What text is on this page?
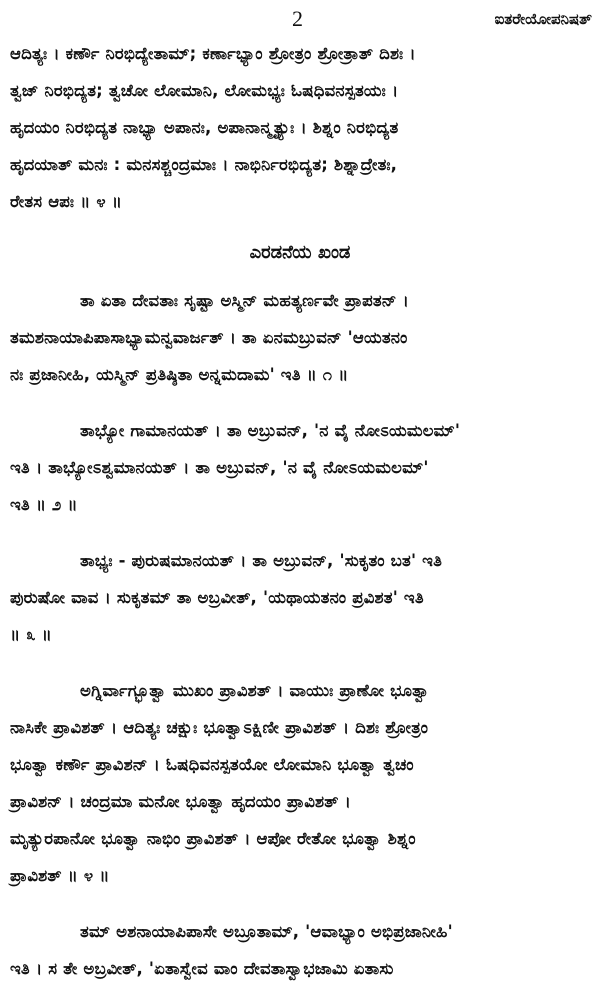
2	ಐತರೇಯೋಪನಿಷತ್
ಆದಿತ್ಯಃ । ಕರ್ಣೌ ನಿರಭಿದ್ಯೇತಾಮ್; ಕರ್ಣಾಭ್ಯಾಂ ಶ್ರೋತ್ರಂ ಶ್ರೋತ್ರಾತ್ ದಿಶಃ ।
ತ್ವಜ್ ನಿರಭಿದ್ಯತ; ತ್ವಚೋ ಲೋಮಾನಿ, ಲೋಮಭ್ಯಃ ಓಷಧಿವನಸ್ಪತಯಃ ।
ಹೃದಯಂ ನಿರಭಿದ್ಯತ ನಾಭ್ಯಾ ಅಪಾನಃ, ಅಪಾನಾನ್ಮೃತ್ಯುಃ । ಶಿಶ್ನಂ ನಿರಭಿದ್ಯತ
ಹೃದಯಾತ್ ಮನಃ : ಮನಸಶ್ಚಂದ್ರಮಾಃ । ನಾಭಿರ್ನಿರಭಿದ್ಯತ; ಶಿಶ್ನಾದ್ರೇತಃ,
ರೇತಸ ಆಪಃ ॥ ೪ ॥
ಎರಡನೆಯ ಖಂಡ
ತಾ ಏತಾ ದೇವತಾಃ ಸೃಷ್ಟಾ ಅಸ್ಮಿನ್ ಮಹತ್ಯರ್ಣವೇ ಪ್ರಾಪತನ್ ।
ತಮಶನಾಯಾಪಿಪಾಸಾಭ್ಯಾಮನ್ವವಾರ್ಜತ್ । ತಾ ಏನಮಬ್ರುವನ್ 'ಆಯತನಂ
ನಃ ಪ್ರಜಾನೀಹಿ, ಯಸ್ಮಿನ್ ಪ್ರತಿಷ್ಠಿತಾ ಅನ್ನಮದಾಮ' ಇತಿ ॥ ೧ ॥
ತಾಭ್ಯೋ ಗಾಮಾನಯತ್ । ತಾ ಅಬ್ರುವನ್, 'ನ ವೈ ನೋಽಯಮಲಮ್'
ಇತಿ । ತಾಭ್ಯೋಽಶ್ವಮಾನಯತ್ । ತಾ ಅಬ್ರುವನ್, 'ನ ವೈ ನೋಽಯಮಲಮ್'
ಇತಿ ॥ ೨ ॥
ತಾಭ್ಯಃ - ಪುರುಷಮಾನಯತ್ । ತಾ ಅಬ್ರುವನ್, 'ಸುಕೃತಂ ಬತ' ಇತಿ
ಪುರುಷೋ ವಾವ । ಸುಕೃತಮ್ ತಾ ಅಬ್ರವೀತ್, 'ಯಥಾಯತನಂ ಪ್ರವಿಶತ' ಇತಿ
॥ ೩ ॥
ಅಗ್ನಿರ್ವಾಗ್ಭೂತ್ವಾ ಮುಖಂ ಪ್ರಾವಿಶತ್ । ವಾಯುಃ ಪ್ರಾಣೋ ಭೂತ್ವಾ
ನಾಸಿಕೇ ಪ್ರಾವಿಶತ್ । ಆದಿತ್ಯಃ ಚಕ್ಷುಃ ಭೂತ್ವಾಽಕ್ಷಿಣೀ ಪ್ರಾವಿಶತ್ । ದಿಶಃ ಶ್ರೋತ್ರಂ
ಭೂತ್ವಾ ಕರ್ಣೌ ಪ್ರಾವಿಶನ್ । ಓಷಧಿವನಸ್ಪತಯೋ ಲೋಮಾನಿ ಭೂತ್ವಾ ತ್ವಚಂ
ಪ್ರಾವಿಶನ್ । ಚಂದ್ರಮಾ ಮನೋ ಭೂತ್ವಾ ಹೃದಯಂ ಪ್ರಾವಿಶತ್ ।
ಮೃತ್ಯುರಪಾನೋ ಭೂತ್ವಾ ನಾಭಿಂ ಪ್ರಾವಿಶತ್ । ಆಪೋ ರೇತೋ ಭೂತ್ವಾ ಶಿಶ್ನಂ
ಪ್ರಾವಿಶತ್ ॥ ೪ ॥
ತಮ್ ಅಶನಾಯಾಪಿಪಾಸೇ ಅಬ್ರೂತಾಮ್, 'ಆವಾಭ್ಯಾಂ ಅಭಿಪ್ರಜಾನೀಹಿ'
ಇತಿ । ಸ ತೇ ಅಬ್ರವೀತ್, 'ಏತಾಸ್ವೇವ ವಾಂ ದೇವತಾಸ್ವಾಭಜಾಮಿ ಏತಾಸು
